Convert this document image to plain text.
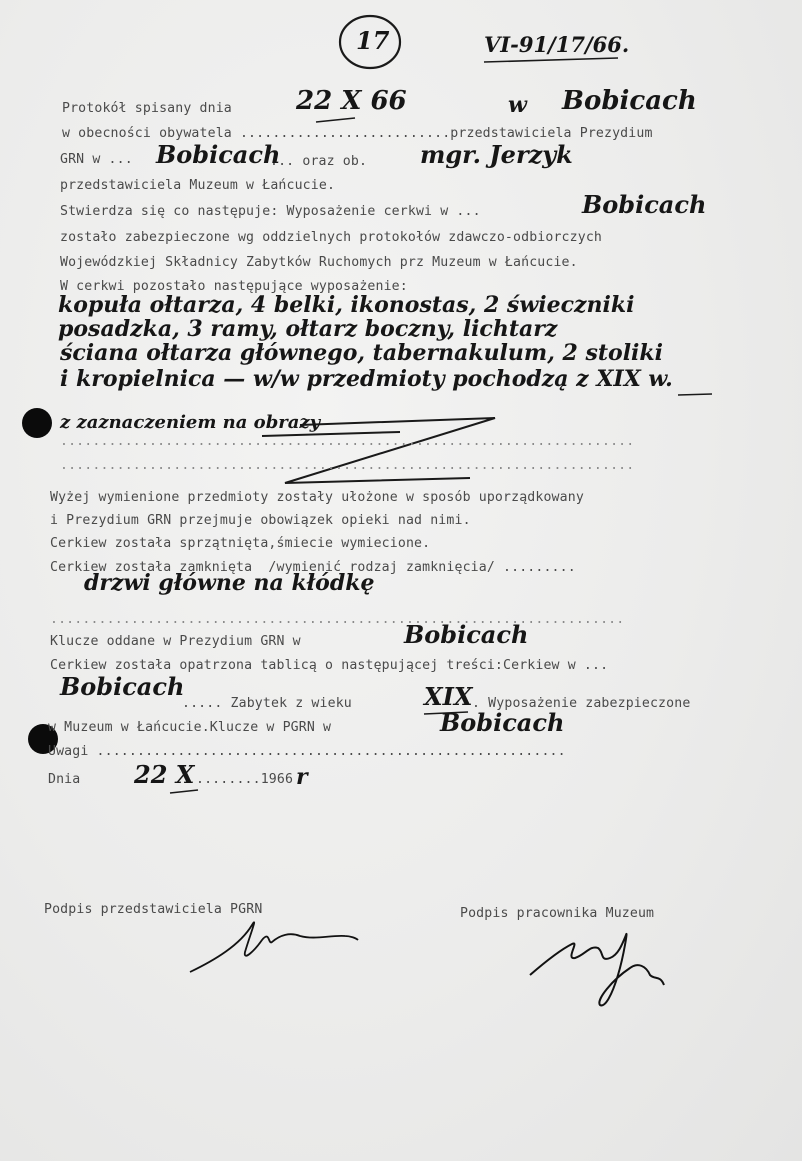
17	VI-91/17/66.
Protokół spisany dnia 22 X 66	w Bobicach
w obecności obywatela ..........................przedstawiciela Prezydium
GRN w ... Bobicach
... oraz ob. mgr. Jerzyk
przedstawiciela Muzeum w Łańcucie.
Stwierdza się co następuje: Wyposażenie cerkwi w ...	Bobicach
zostało zabezpieczone wg oddzielnych protokołów zdawczo-odbiorczych
Wojewódzkiej Składnicy Zabytków Ruchomych prz Muzeum w Łańcucie.
W cerkwi pozostało następujące wyposażenie:
kopuła ołtarza, 4 belki, ikonostas, 2 świeczniki
posadzka, 3 ramy, ołtarz boczny, lichtarz
ściana ołtarza głównego, tabernakulum, 2 stoliki
i kropielnica — w/w przedmioty pochodzą z XIX w.
z zaznaczeniem na obrazy
.......................................................................
.......................................................................
Wyżej wymienione przedmioty zostały ułożone w sposób uporządkowany
i Prezydium GRN przejmuje obowiązek opieki nad nimi.
Cerkiew została sprzątnięta,śmiecie wymiecione.
Cerkiew została zamknięta  /wymienić rodzaj zamknięcia/ .........
drzwi główne na kłódkę
.......................................................................
Klucze oddane w Prezydium GRN w	Bobicach
Cerkiew została opatrzona tablicą o następującej treści:Cerkiew w ...
Bobicach
..... Zabytek z wieku	XIX . Wyposażenie zabezpieczone
w Muzeum w Łańcucie.Klucze w PGRN w	Bobicach
Uwagi ..........................................................
Dnia 22 X ........1966 r
Podpis przedstawiciela PGRN	Podpis pracownika Muzeum
